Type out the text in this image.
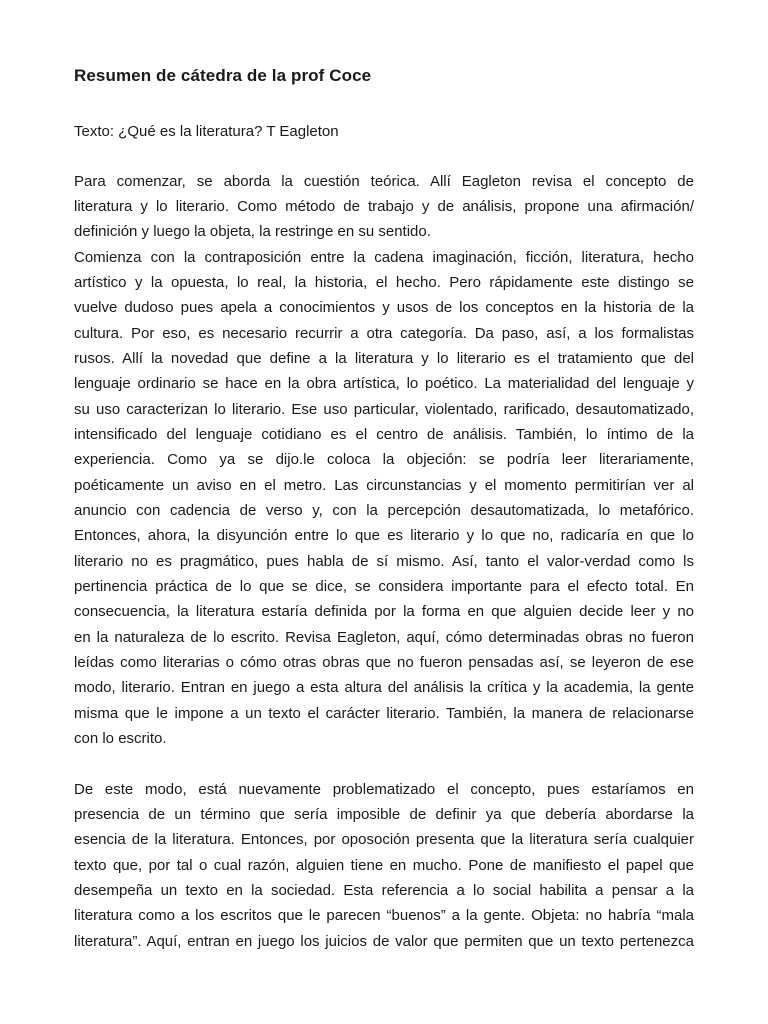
Resumen de cátedra de la prof Coce
Texto: ¿Qué es la literatura? T Eagleton
Para comenzar, se aborda la cuestión teórica. Allí Eagleton revisa el concepto de
literatura y lo literario. Como método de trabajo y de análisis, propone una afirmación/
definición y luego la objeta, la restringe en su sentido.
Comienza con la contraposición entre la cadena imaginación, ficción, literatura, hecho
artístico y la opuesta, lo real, la historia, el hecho. Pero rápidamente este distingo se
vuelve dudoso pues apela a conocimientos y usos de los conceptos en la historia de la
cultura. Por eso, es necesario recurrir a otra categoría. Da paso, así, a los formalistas
rusos. Allí la novedad que define a la literatura y lo literario es el tratamiento que del
lenguaje ordinario se hace en la obra artística, lo poético. La materialidad del lenguaje y
su uso caracterizan lo literario. Ese uso particular, violentado, rarificado, desautomatizado,
intensificado del lenguaje cotidiano es el centro de análisis. También, lo íntimo de la
experiencia. Como ya se dijo.le coloca la objeción: se podría leer literariamente,
poéticamente un aviso en el metro. Las circunstancias y el momento permitirían ver al
anuncio con cadencia de verso y, con la percepción desautomatizada, lo metafórico.
Entonces, ahora, la disyunción entre lo que es literario y lo que no, radicaría en que lo
literario no es pragmático, pues habla de sí mismo. Así, tanto el valor-verdad como ls
pertinencia práctica de lo que se dice, se considera importante para el efecto total. En
consecuencia, la literatura estaría definida por la forma en que alguien decide leer y no
en la naturaleza de lo escrito. Revisa Eagleton, aquí, cómo determinadas obras no fueron
leídas como literarias o cómo otras obras que no fueron pensadas así, se leyeron de ese
modo, literario. Entran en juego a esta altura del análisis la crítica y la academia, la gente
misma que le impone a un texto el carácter literario. También, la manera de relacionarse
con lo escrito.
De este modo, está nuevamente problematizado el concepto, pues estaríamos en
presencia de un término que sería imposible de definir ya que debería abordarse la
esencia de la literatura. Entonces, por oposoción presenta que la literatura sería cualquier
texto que, por tal o cual razón, alguien tiene en mucho. Pone de manifiesto el papel que
desempeña un texto en la sociedad. Esta referencia a lo social habilita a pensar a la
literatura como a los escritos que le parecen “buenos” a la gente. Objeta: no habría “mala
literatura”. Aquí, entran en juego los juicios de valor que permiten que un texto pertenezca
